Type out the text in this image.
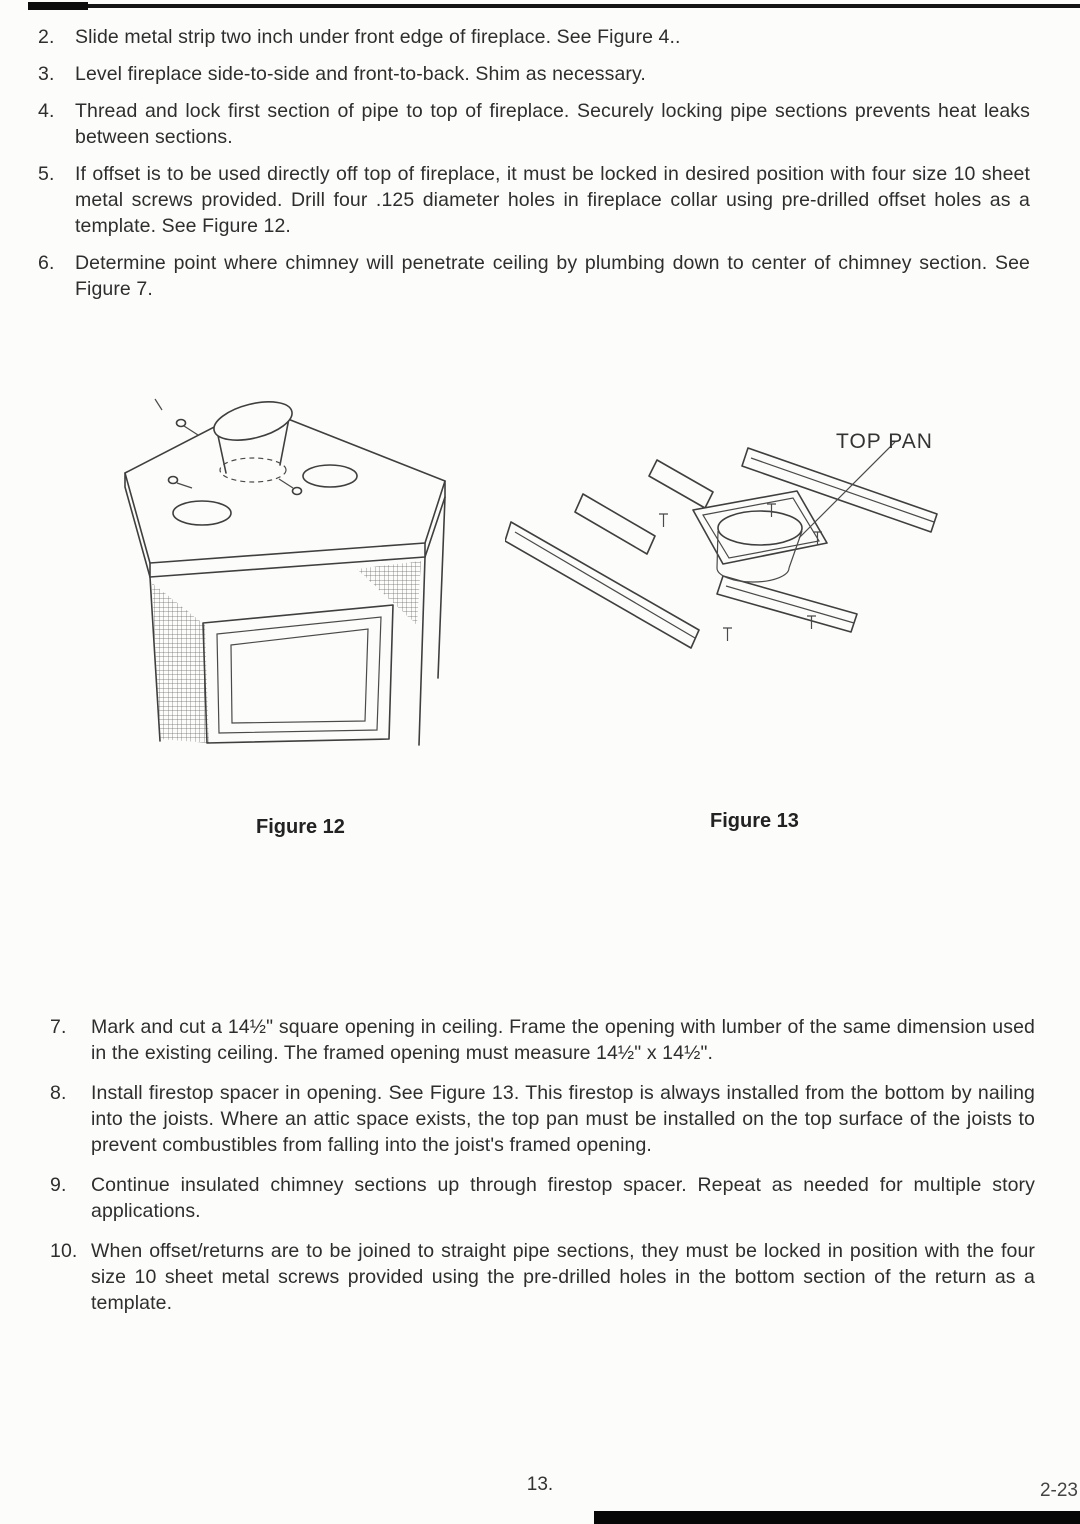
2.	Slide metal strip two inch under front edge of fireplace. See Figure 4..
3.	Level fireplace side-to-side and front-to-back. Shim as necessary.
4.	Thread and lock first section of pipe to top of fireplace. Securely locking pipe sections prevents heat leaks between sections.
5.	If offset is to be used directly off top of fireplace, it must be locked in desired position with four size 10 sheet metal screws provided. Drill four .125 diameter holes in fireplace collar using pre-drilled offset holes as a template. See Figure 12.
6.	Determine point where chimney will penetrate ceiling by plumbing down to center of chimney section. See Figure 7.
TOP PAN
Figure 12	Figure 13
7.	Mark and cut a 14½" square opening in ceiling. Frame the opening with lumber of the same dimension used in the existing ceiling. The framed opening must measure 14½" x 14½".
8.	Install firestop spacer in opening. See Figure 13. This firestop is always installed from the bottom by nailing into the joists. Where an attic space exists, the top pan must be installed on the top surface of the joists to prevent combustibles from falling into the joist's framed opening.
9.	Continue insulated chimney sections up through firestop spacer. Repeat as needed for multiple story applications.
10. When offset/returns are to be joined to straight pipe sections, they must be locked in position with the four size 10 sheet metal screws provided using the pre-drilled holes in the bottom section of the return as a template.
13.	2-23
